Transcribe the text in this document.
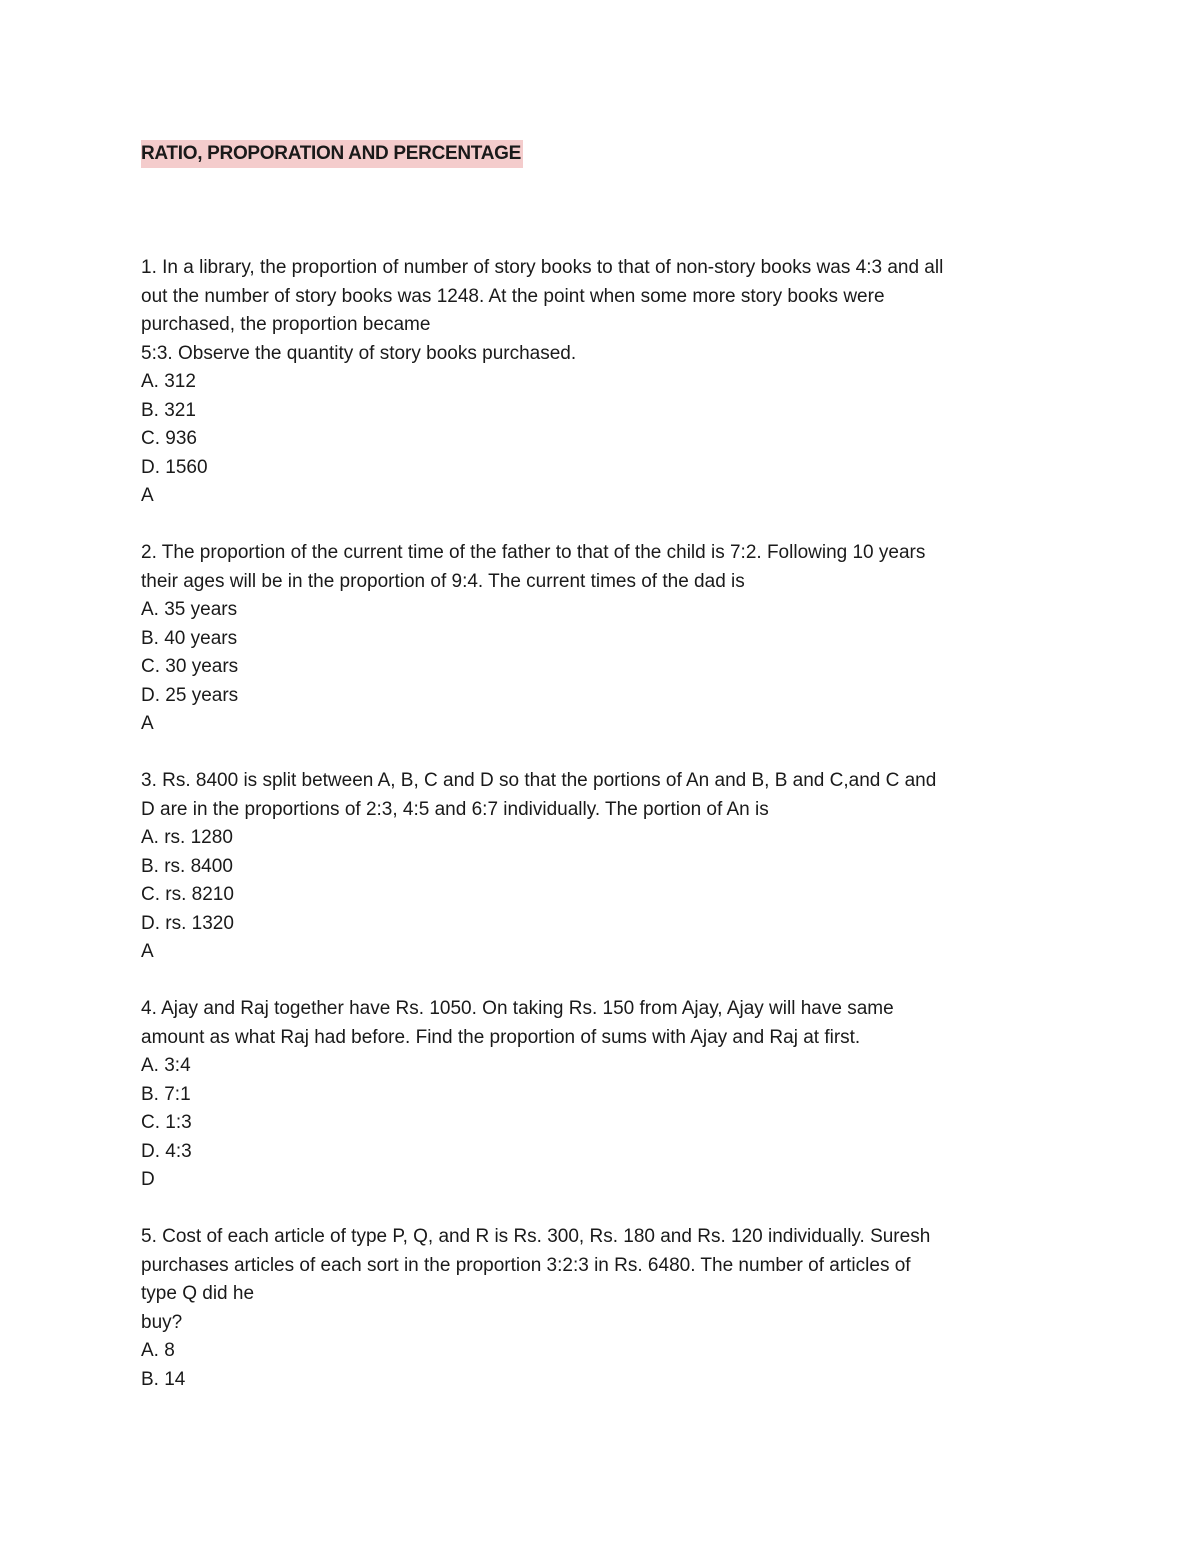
RATIO, PROPORATION AND PERCENTAGE
1. In a library, the proportion of number of story books to that of non-story books was 4:3 and all
out the number of story books was 1248. At the point when some more story books were
purchased, the proportion became
5:3. Observe the quantity of story books purchased.
A. 312
B. 321
C. 936
D. 1560
A
2. The proportion of the current time of the father to that of the child is 7:2. Following 10 years
their ages will be in the proportion of 9:4. The current times of the dad is
A. 35 years
B. 40 years
C. 30 years
D. 25 years
A
3. Rs. 8400 is split between A, B, C and D so that the portions of An and B, B and C,and C and
D are in the proportions of 2:3, 4:5 and 6:7 individually. The portion of An is
A. rs. 1280
B. rs. 8400
C. rs. 8210
D. rs. 1320
A
4. Ajay and Raj together have Rs. 1050. On taking Rs. 150 from Ajay, Ajay will have same
amount as what Raj had before. Find the proportion of sums with Ajay and Raj at first.
A. 3:4
B. 7:1
C. 1:3
D. 4:3
D
5. Cost of each article of type P, Q, and R is Rs. 300, Rs. 180 and Rs. 120 individually. Suresh
purchases articles of each sort in the proportion 3:2:3 in Rs. 6480. The number of articles of
type Q did he
buy?
A. 8
B. 14
